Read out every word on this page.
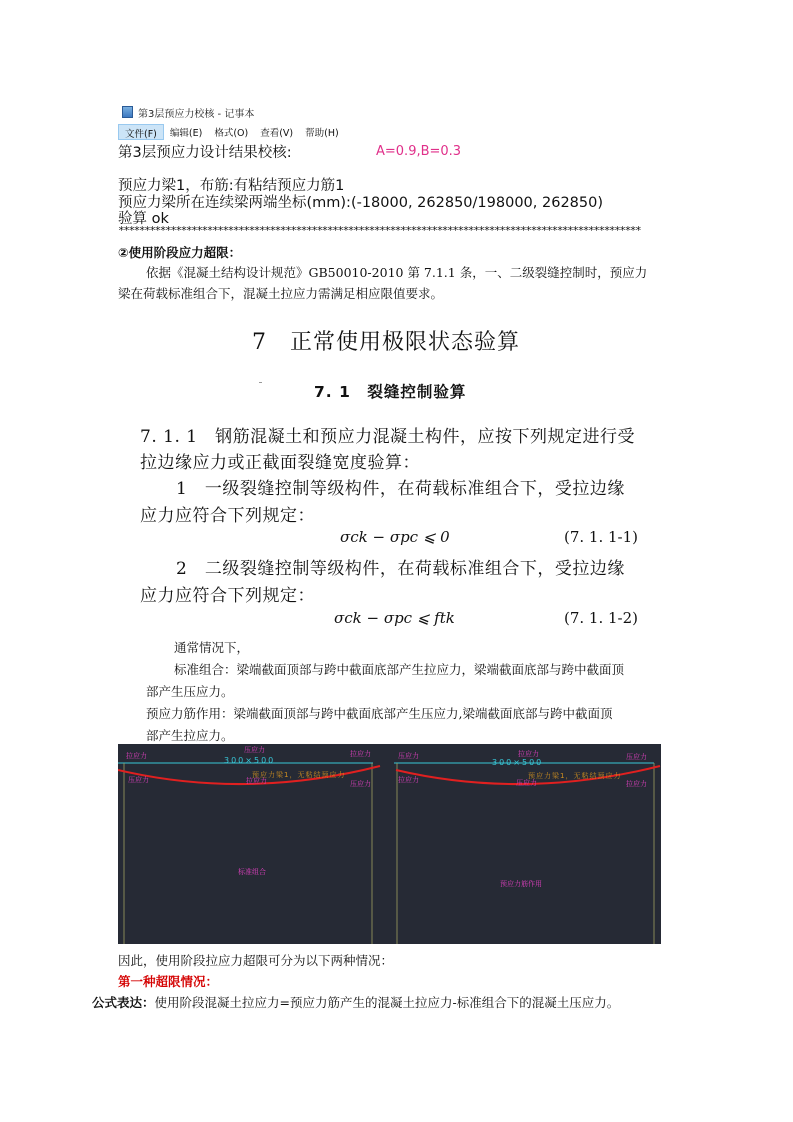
第3层预应力校核 - 记事本
文件(F)	编辑(E)	格式(O)	查看(V)	帮助(H)
第3层预应力设计结果校核:	A=0.9,B=0.3
预应力梁1，布筋:有粘结预应力筋1
预应力梁所在连续梁两端坐标(mm):(-18000, 262850/198000, 262850)
验算 ok
****************************************************************************************************
②使用阶段应力超限：
依据《混凝土结构设计规范》GB50010-2010 第 7.1.1 条，一、二级裂缝控制时，预应力
梁在荷载标准组合下，混凝土拉应力需满足相应限值要求。
7　正常使用极限状态验算
7. 1　裂缝控制验算
7. 1. 1　钢筋混凝土和预应力混凝土构件，应按下列规定进行受
拉边缘应力或正截面裂缝宽度验算：
1　一级裂缝控制等级构件，在荷载标准组合下，受拉边缘
应力应符合下列规定：
σck − σpc ⩽ 0	(7. 1. 1-1)
2　二级裂缝控制等级构件，在荷载标准组合下，受拉边缘
应力应符合下列规定：
σck − σpc ⩽ ftk	(7. 1. 1-2)
通常情况下，
标准组合：梁端截面顶部与跨中截面底部产生拉应力，梁端截面底部与跨中截面顶
部产生压应力。
预应力筋作用：梁端截面顶部与跨中截面底部产生压应力,梁端截面底部与跨中截面顶
部产生拉应力。
拉应力
压应力	拉应力
300×500
压应力	拉应力	压应力
预应力梁1，无粘结预应力
标准组合
压应力	拉应力	压应力
300×500
拉应力	压应力	拉应力
预应力梁1，无粘结预应力
预应力筋作用
因此，使用阶段拉应力超限可分为以下两种情况：
第一种超限情况：
公式表达：使用阶段混凝土拉应力=预应力筋产生的混凝土拉应力-标准组合下的混凝土压应力。
